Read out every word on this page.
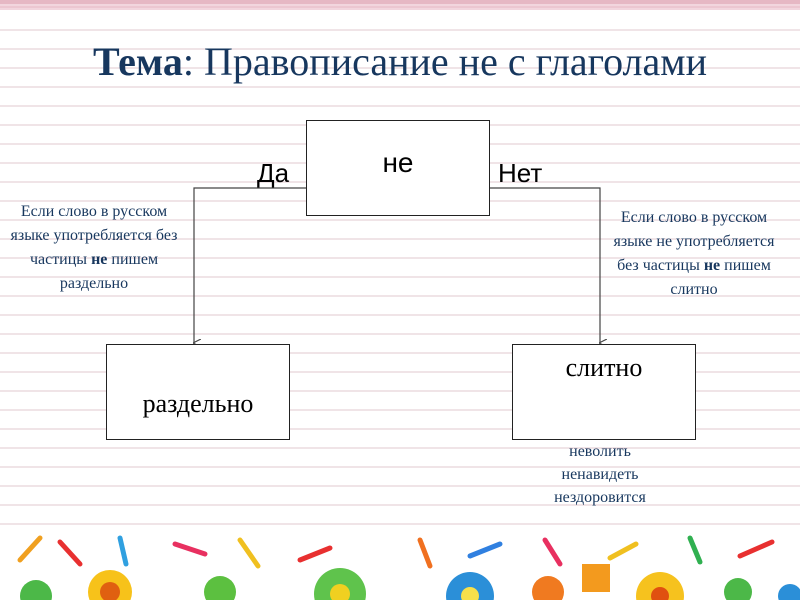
Тема: Правописание не с глаголами
не
Да	Нет
Если слово в русском языке употребляется без частицы не пишем раздельно
Если слово в русском языке не употребляется без частицы не пишем слитно
раздельно
слитно
неволить
ненавидеть
нездоровится
